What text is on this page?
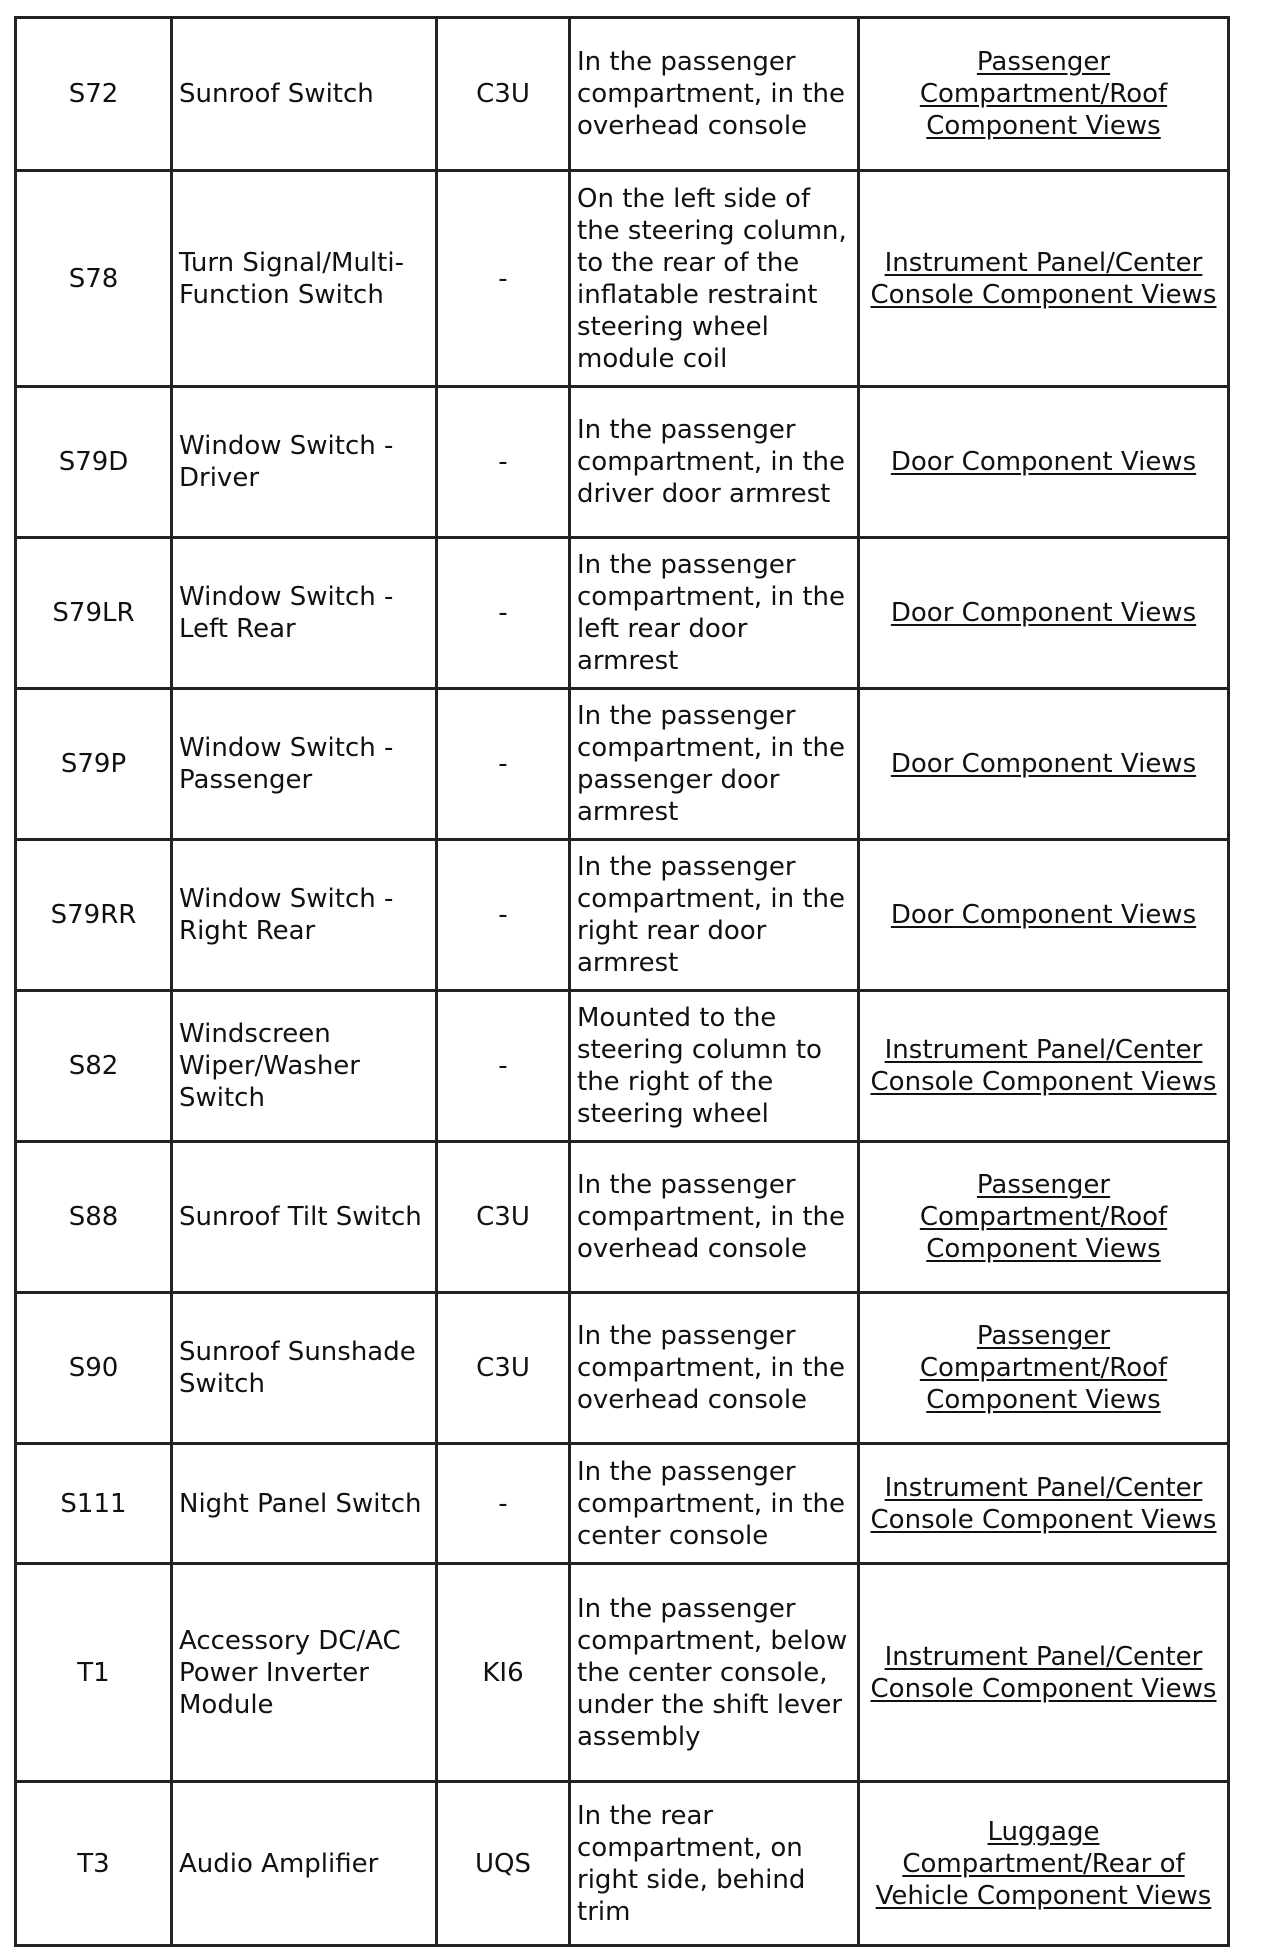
S72	Sunroof Switch	C3U	In the passenger compartment, in the overhead console	Passenger Compartment/Roof Component Views
S78	Turn Signal/Multi-Function Switch	-	On the left side of the steering column, to the rear of the inflatable restraint steering wheel module coil	Instrument Panel/Center Console Component Views
S79D	Window Switch - Driver	-	In the passenger compartment, in the driver door armrest	Door Component Views
S79LR	Window Switch - Left Rear	-	In the passenger compartment, in the left rear door armrest	Door Component Views
S79P	Window Switch - Passenger	-	In the passenger compartment, in the passenger door armrest	Door Component Views
S79RR	Window Switch - Right Rear	-	In the passenger compartment, in the right rear door armrest	Door Component Views
S82	Windscreen Wiper/Washer Switch	-	Mounted to the steering column to the right of the steering wheel	Instrument Panel/Center Console Component Views
S88	Sunroof Tilt Switch	C3U	In the passenger compartment, in the overhead console	Passenger Compartment/Roof Component Views
S90	Sunroof Sunshade Switch	C3U	In the passenger compartment, in the overhead console	Passenger Compartment/Roof Component Views
S111	Night Panel Switch	-	In the passenger compartment, in the center console	Instrument Panel/Center Console Component Views
T1	Accessory DC/AC Power Inverter Module	KI6	In the passenger compartment, below the center console, under the shift lever assembly	Instrument Panel/Center Console Component Views
T3	Audio Amplifier	UQS	In the rear compartment, on right side, behind trim	Luggage Compartment/Rear of Vehicle Component Views
